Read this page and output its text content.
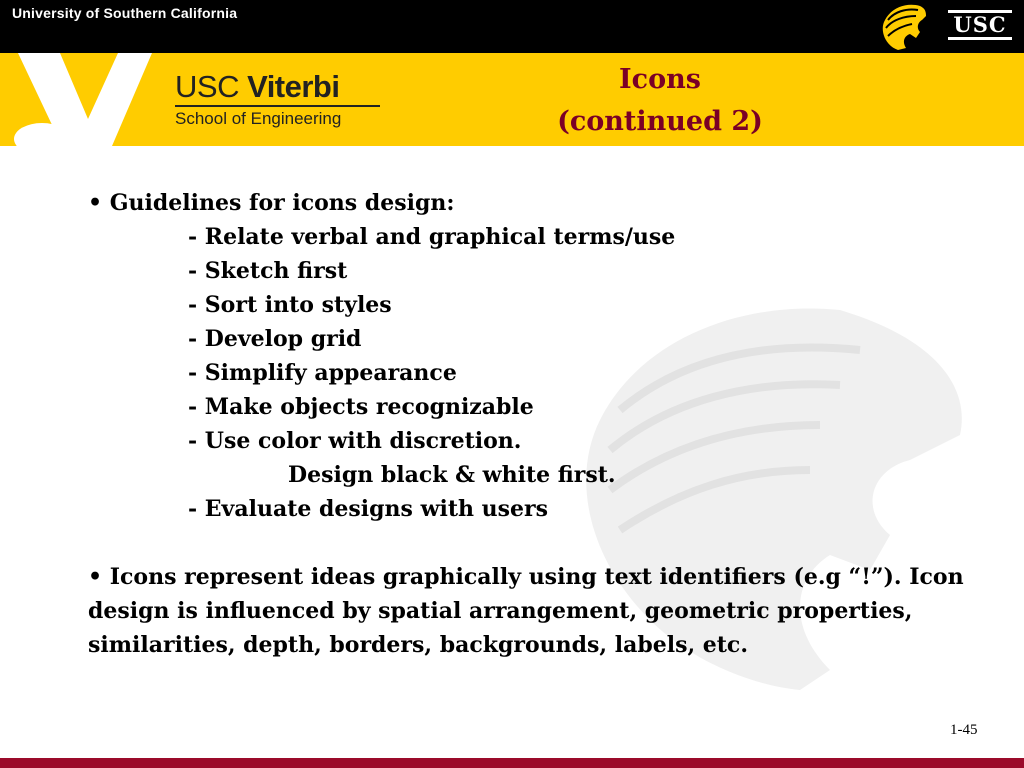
University of Southern California	USC
USC Viterbi
School of Engineering
Icons
(continued 2)
• Guidelines for icons design:
- Relate verbal and graphical terms/use
- Sketch first
- Sort into styles
- Develop grid
- Simplify appearance
- Make objects recognizable
- Use color with discretion.
Design black & white first.
- Evaluate designs with users
• Icons represent ideas graphically using text identifiers (e.g “!”). Icon design is influenced by spatial arrangement, geometric properties, similarities, depth, borders, backgrounds, labels, etc.
1-45
